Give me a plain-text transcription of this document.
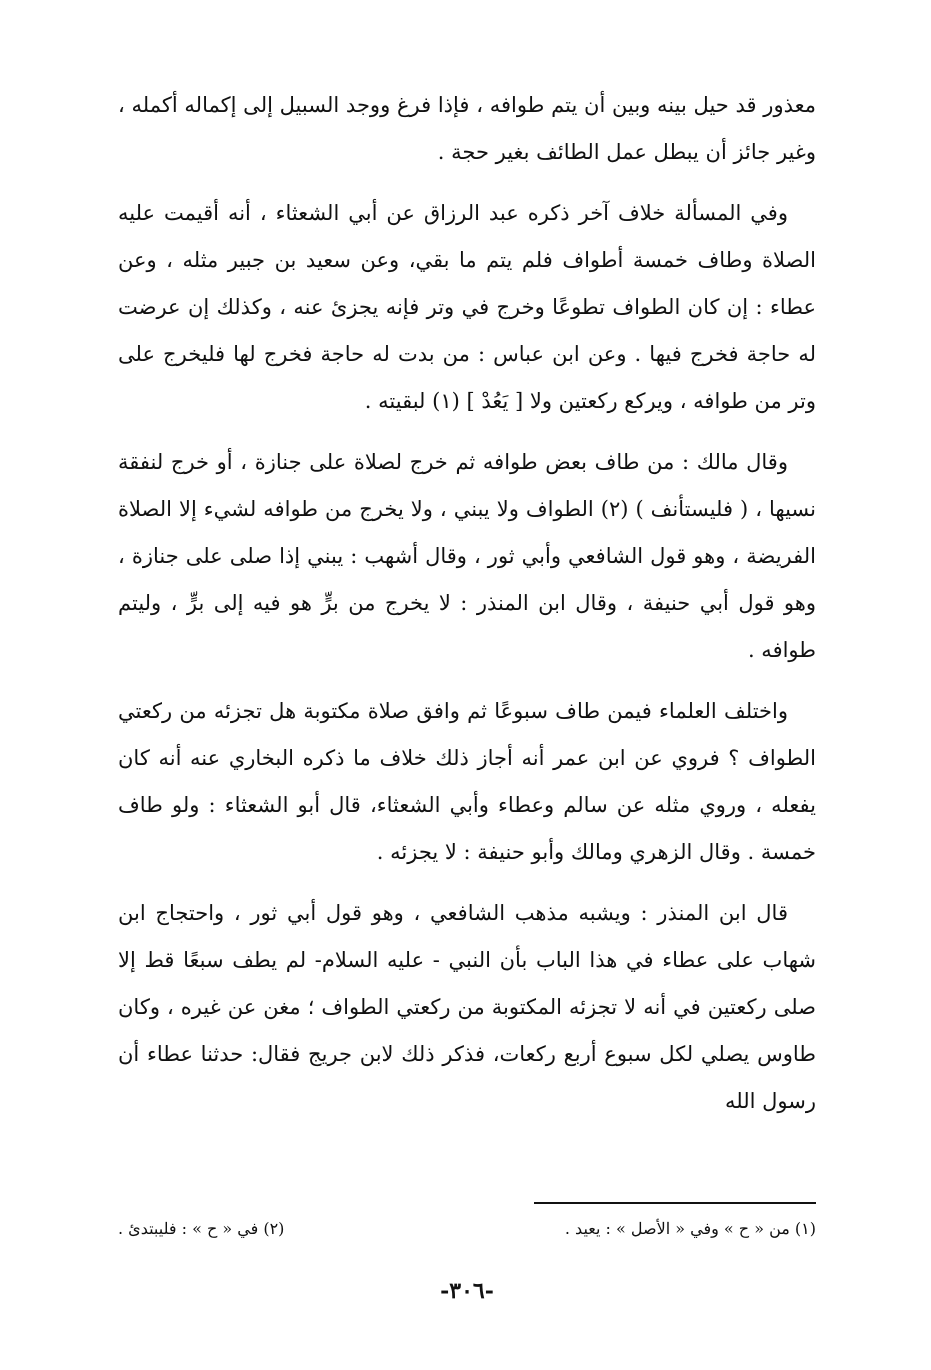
معذور قد حيل بينه وبين أن يتم طوافه ، فإذا فرغ ووجد السبيل إلى إكماله أكمله ، وغير جائز أن يبطل عمل الطائف بغير حجة .

وفي المسألة خلاف آخر ذكره عبد الرزاق عن أبي الشعثاء ، أنه أقيمت عليه الصلاة وطاف خمسة أطواف فلم يتم ما بقي، وعن سعيد بن جبير مثله ، وعن عطاء : إن كان الطواف تطوعًا وخرج في وتر فإنه يجزئ عنه ، وكذلك إن عرضت له حاجة فخرج فيها . وعن ابن عباس : من بدت له حاجة فخرج لها فليخرج على وتر من طوافه ، ويركع ركعتين ولا [ يَعُدْ ] (١) لبقيته .

وقال مالك : من طاف بعض طوافه ثم خرج لصلاة على جنازة ، أو خرج لنفقة نسيها ، ( فليستأنف ) (٢) الطواف ولا يبني ، ولا يخرج من طوافه لشيء إلا الصلاة الفريضة ، وهو قول الشافعي وأبي ثور ، وقال أشهب : يبني إذا صلى على جنازة ، وهو قول أبي حنيفة ، وقال ابن المنذر : لا يخرج من برٍّ هو فيه إلى برٍّ ، وليتم طوافه .

واختلف العلماء فيمن طاف سبوعًا ثم وافق صلاة مكتوبة هل تجزئه من ركعتي الطواف ؟ فروي عن ابن عمر أنه أجاز ذلك خلاف ما ذكره البخاري عنه أنه كان يفعله ، وروي مثله عن سالم وعطاء وأبي الشعثاء، قال أبو الشعثاء : ولو طاف خمسة . وقال الزهري ومالك وأبو حنيفة : لا يجزئه .

قال ابن المنذر : ويشبه مذهب الشافعي ، وهو قول أبي ثور ، واحتجاج ابن شهاب على عطاء في هذا الباب بأن النبي - عليه السلام- لم يطف سبعًا قط إلا صلى ركعتين في أنه لا تجزئه المكتوبة من ركعتي الطواف ؛ مغن عن غيره ، وكان طاوس يصلي لكل سبوع أربع ركعات، فذكر ذلك لابن جريج فقال: حدثنا عطاء أن رسول الله

(١) من « ح » وفي « الأصل » : يعيد .
(٢) في « ح » : فليبتدئ .
-٣٠٦-
